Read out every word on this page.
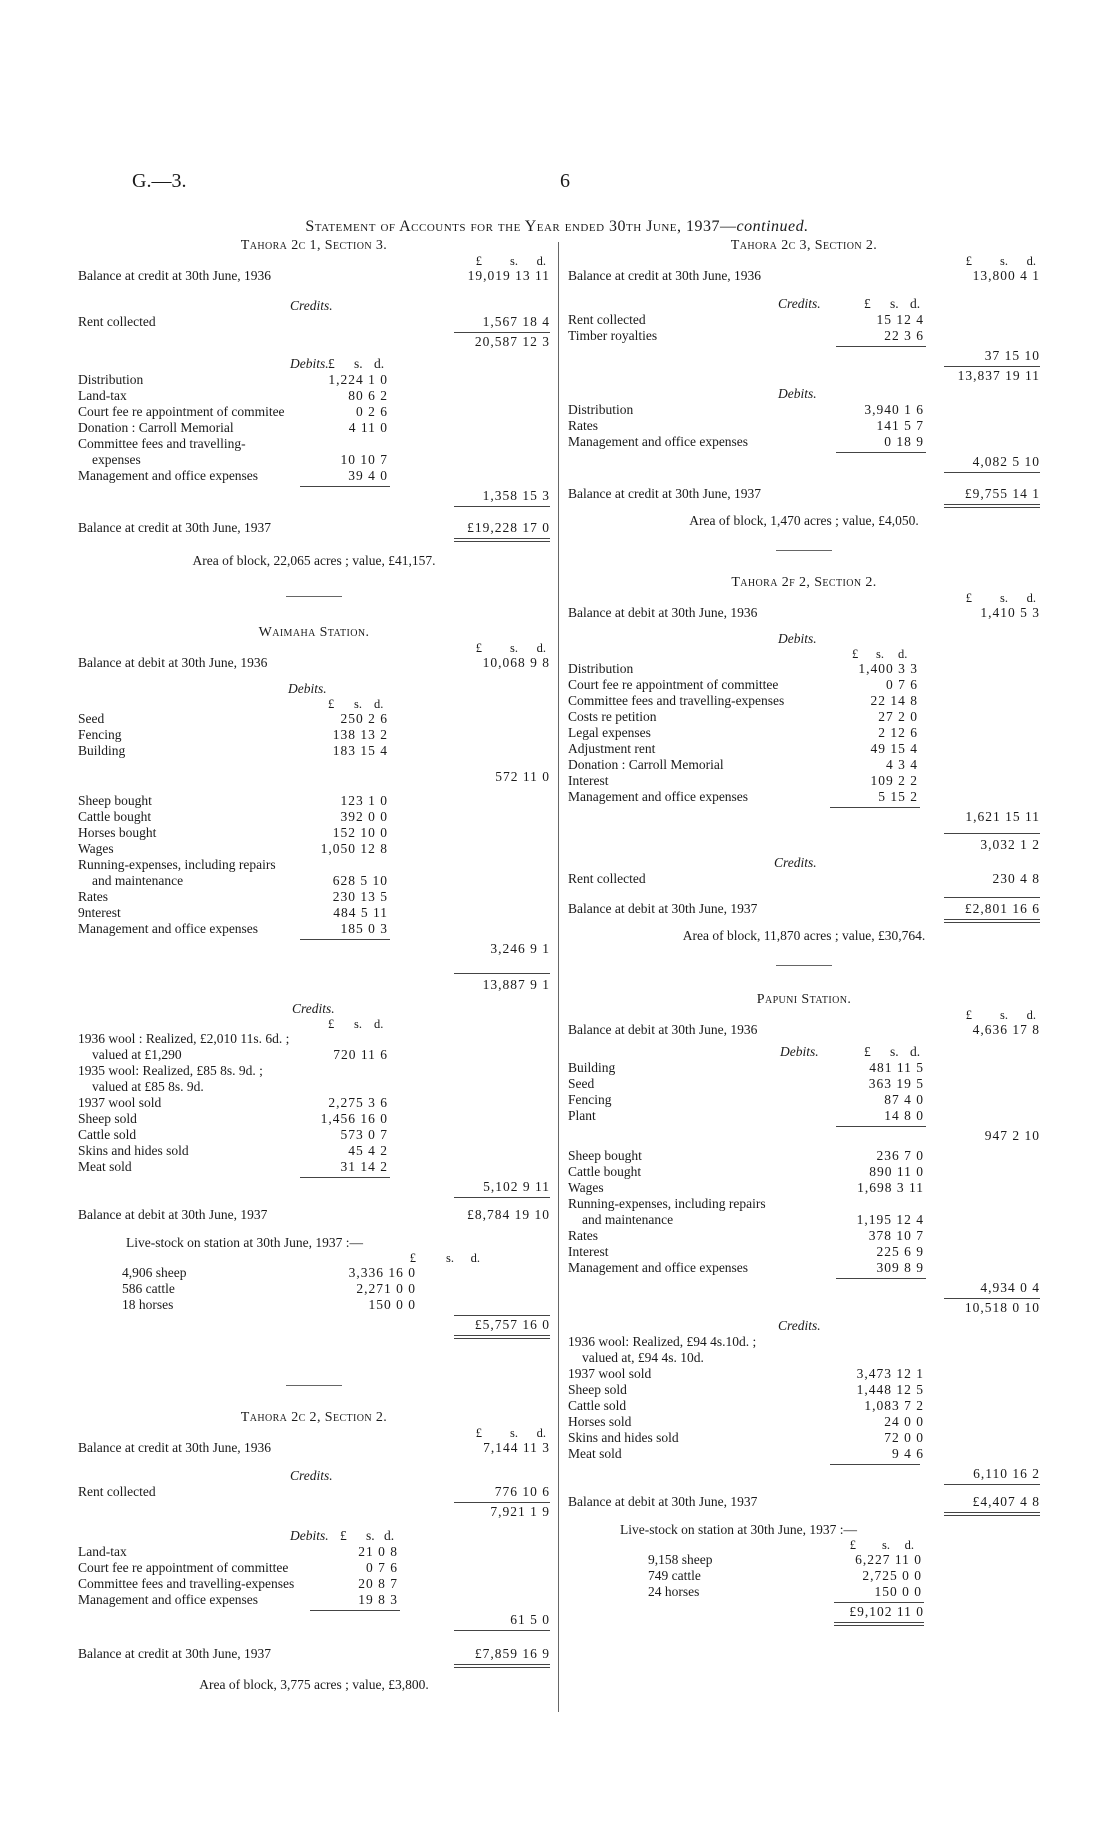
G.—3.	6
Statement of Accounts for the Year ended 30th June, 1937—continued.
Tahora 2c 1, Section 3.
£ s. d.
Balance at credit at 30th June, 1936	19,019 13 11
Credits.
Rent collected	1,567 18 4
20,587 12 3
Debits. £ s. d.
Distribution	1,224 1 0
Land-tax	80 6 2
Court fee re appointment of commitee	0 2 6
Donation : Carroll Memorial	4 11 0
Committee fees and travelling-
expenses	10 10 7
Management and office expenses	39 4 0
1,358 15 3
Balance at credit at 30th June, 1937	£19,228 17 0
Area of block, 22,065 acres ; value, £41,157.
Waimaha Station.
£ s. d.
Balance at debit at 30th June, 1936	10,068 9 8
Debits.
£ s. d.
Seed	250 2 6
Fencing	138 13 2
Building	183 15 4
572 11 0
Sheep bought	123 1 0
Cattle bought	392 0 0
Horses bought	152 10 0
Wages	1,050 12 8
Running-expenses, including repairs
and maintenance	628 5 10
Rates	230 13 5
9nterest	484 5 11
Management and office expenses	185 0 3
3,246 9 1
13,887 9 1
Credits.
£ s. d.
1936 wool : Realized, £2,010 11s. 6d. ;
valued at £1,290	720 11 6
1935 wool: Realized, £85 8s. 9d. ;
valued at £85 8s. 9d.
1937 wool sold	2,275 3 6
Sheep sold	1,456 16 0
Cattle sold	573 0 7
Skins and hides sold	45 4 2
Meat sold	31 14 2
5,102 9 11
Balance at debit at 30th June, 1937	£8,784 19 10
Live-stock on station at 30th June, 1937 :—
£ s. d.
4,906 sheep	3,336 16 0
586 cattle	2,271 0 0
18 horses	150 0 0
£5,757 16 0
Tahora 2c 2, Section 2.
£ s. d.
Balance at credit at 30th June, 1936	7,144 11 3
Credits.
Rent collected	776 10 6
7,921 1 9
Debits. £ s. d.
Land-tax	21 0 8
Court fee re appointment of committee	0 7 6
Committee fees and travelling-expenses	20 8 7
Management and office expenses	19 8 3
61 5 0
Balance at credit at 30th June, 1937	£7,859 16 9
Area of block, 3,775 acres ; value, £3,800.
Tahora 2c 3, Section 2.
£ s. d.
Balance at credit at 30th June, 1936	13,800 4 1
Credits.	£ s. d.
Rent collected	15 12 4
Timber royalties	22 3 6
37 15 10
13,837 19 11
Debits.
Distribution	3,940 1 6
Rates	141 5 7
Management and office expenses	0 18 9
4,082 5 10
Balance at credit at 30th June, 1937	£9,755 14 1
Area of block, 1,470 acres ; value, £4,050.
Tahora 2f 2, Section 2.
£ s. d.
Balance at debit at 30th June, 1936	1,410 5 3
Debits.
£ s. d.
Distribution	1,400 3 3
Court fee re appointment of committee	0 7 6
Committee fees and travelling-expenses	22 14 8
Costs re petition	27 2 0
Legal expenses	2 12 6
Adjustment rent	49 15 4
Donation : Carroll Memorial	4 3 4
Interest	109 2 2
Management and office expenses	5 15 2
1,621 15 11
3,032 1 2
Credits.
Rent collected	230 4 8
Balance at debit at 30th June, 1937	£2,801 16 6
Area of block, 11,870 acres ; value, £30,764.
Papuni Station.
£ s. d.
Balance at debit at 30th June, 1936	4,636 17 8
Debits.	£ s. d.
Building	481 11 5
Seed	363 19 5
Fencing	87 4 0
Plant	14 8 0
947 2 10
Sheep bought	236 7 0
Cattle bought	890 11 0
Wages	1,698 3 11
Running-expenses, including repairs
and maintenance	1,195 12 4
Rates	378 10 7
Interest	225 6 9
Management and office expenses	309 8 9
4,934 0 4
10,518 0 10
Credits.
1936 wool: Realized, £94 4s.10d. ;
valued at, £94 4s. 10d.
1937 wool sold	3,473 12 1
Sheep sold	1,448 12 5
Cattle sold	1,083 7 2
Horses sold	24 0 0
Skins and hides sold	72 0 0
Meat sold	9 4 6
6,110 16 2
Balance at debit at 30th June, 1937	£4,407 4 8
Live-stock on station at 30th June, 1937 :—
£ s. d.
9,158 sheep	6,227 11 0
749 cattle	2,725 0 0
24 horses	150 0 0
£9,102 11 0
